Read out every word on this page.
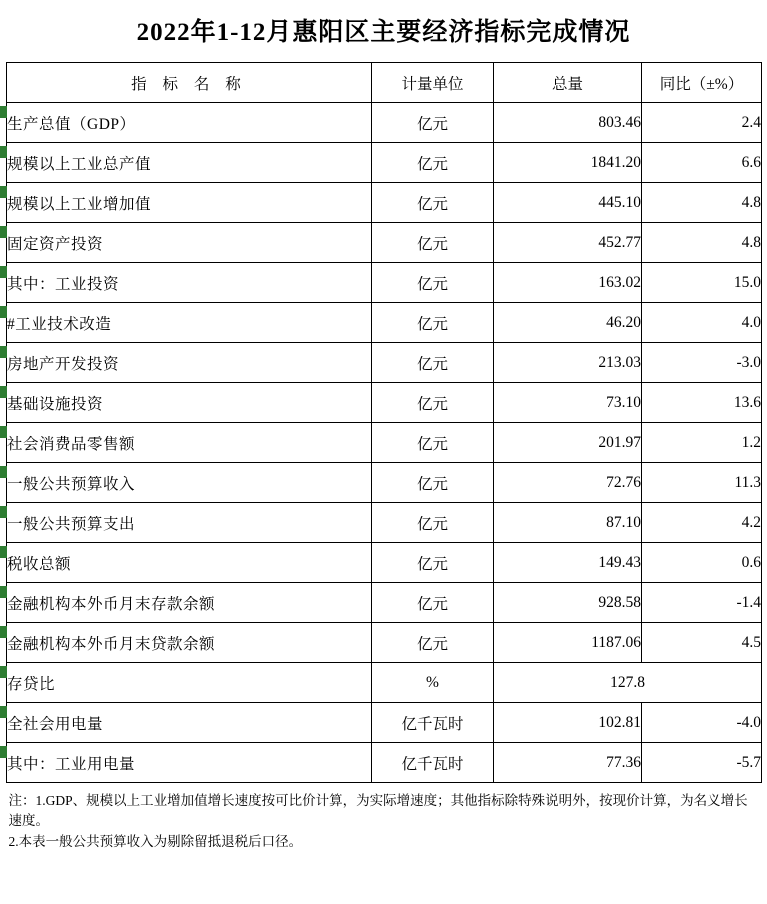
2022年1-12月惠阳区主要经济指标完成情况
指 标 名 称	计量单位	总量	同比（±%）
生产总值（GDP）	亿元	803.46	2.4
规模以上工业总产值	亿元	1841.20	6.6
规模以上工业增加值	亿元	445.10	4.8
固定资产投资	亿元	452.77	4.8
其中：工业投资	亿元	163.02	15.0
#工业技术改造	亿元	46.20	4.0
房地产开发投资	亿元	213.03	-3.0
基础设施投资	亿元	73.10	13.6
社会消费品零售额	亿元	201.97	1.2
一般公共预算收入	亿元	72.76	11.3
一般公共预算支出	亿元	87.10	4.2
税收总额	亿元	149.43	0.6
金融机构本外币月末存款余额	亿元	928.58	-1.4
金融机构本外币月末贷款余额	亿元	1187.06	4.5
存贷比	%	127.8	
全社会用电量	亿千瓦时	102.81	-4.0
其中：工业用电量	亿千瓦时	77.36	-5.7
注：1.GDP、规模以上工业增加值增长速度按可比价计算，为实际增速度；其他指标除特殊说明外，按现价计算，为名义增长速度。
2.本表一般公共预算收入为剔除留抵退税后口径。
